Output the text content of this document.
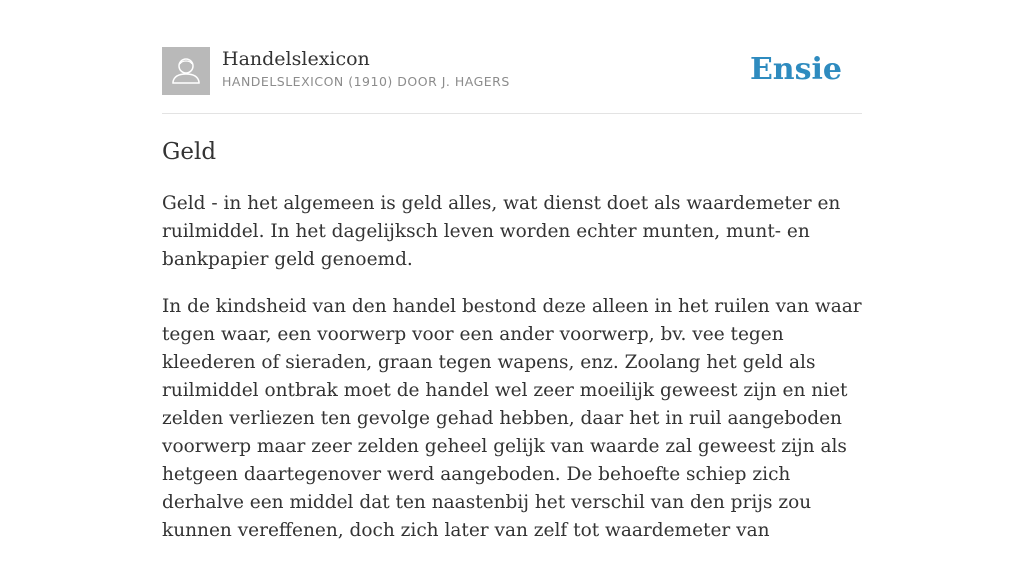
Handelslexicon
HANDELSLEXICON (1910) DOOR J. HAGERS	Ensie
Geld

Geld - in het algemeen is geld alles, wat dienst doet als waardemeter en ruilmiddel. In het dagelijksch leven worden echter munten, munt- en bankpapier geld genoemd.

In de kindsheid van den handel bestond deze alleen in het ruilen van waar tegen waar, een voorwerp voor een ander voorwerp, bv. vee tegen kleederen of sieraden, graan tegen wapens, enz. Zoolang het geld als ruilmiddel ontbrak moet de handel wel zeer moeilijk geweest zijn en niet zelden verliezen ten gevolge gehad hebben, daar het in ruil aangeboden voorwerp maar zeer zelden geheel gelijk van waarde zal geweest zijn als hetgeen daartegenover werd aangeboden. De behoefte schiep zich derhalve een middel dat ten naastenbij het verschil van den prijs zou kunnen vereffenen, doch zich later van zelf tot waardemeter van
